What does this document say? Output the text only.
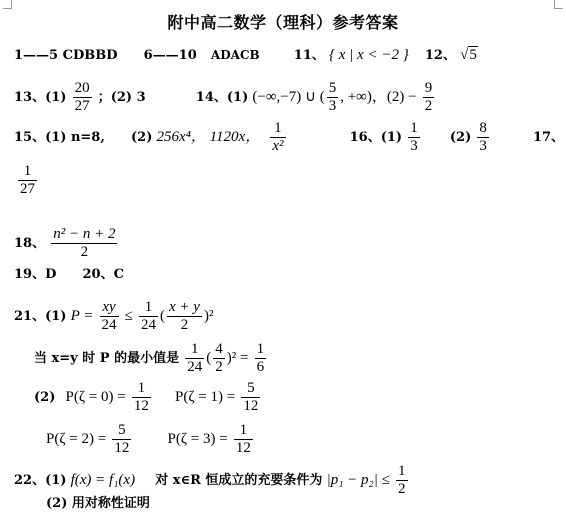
附中高二数学（理科）参考答案
1——5 CDBBD 6——10 ADACB	11、 { x | x < −2 } 12、 √5
13、$(1) \frac{20}{27}$ ；(2) 3	14、(1) (−∞,−7) ∪ ( $\frac{5}{3}$ , +∞)，$(2) - \frac{9}{2}$
15、(1) n=8, (2) 256x⁴， 1120x， $\frac{1}{\text{x²}}$	16、$(1) \frac{1}{3} (2) \frac{8}{3}$	17、
$\frac{1}{27}$
18、 $\frac{\text{n² − n + 2}}{2}$
19、D 20、C
21、(1) $P = \frac{xy}{24} \le \frac{1}{24}$ ( $\frac{x + y}{2} )^2$
当 x=y 时 P 的最小值是 $\frac{1}{24}$ ( $\frac{4}{2} )^2 = \frac{1}{6}$
(2) $P(\zeta = 0) = \frac{1}{12} P(\zeta = 1) = \frac{5}{12}$
$P(\zeta = 2) = \frac{5}{12} P(\zeta = 3) = \frac{1}{12}$
22、(1) f(x) = f₁(x) 对 x∈R 恒成立的充要条件为 $|p_1 - p_2| \le \frac{1}{2}$
(2) 用对称性证明
